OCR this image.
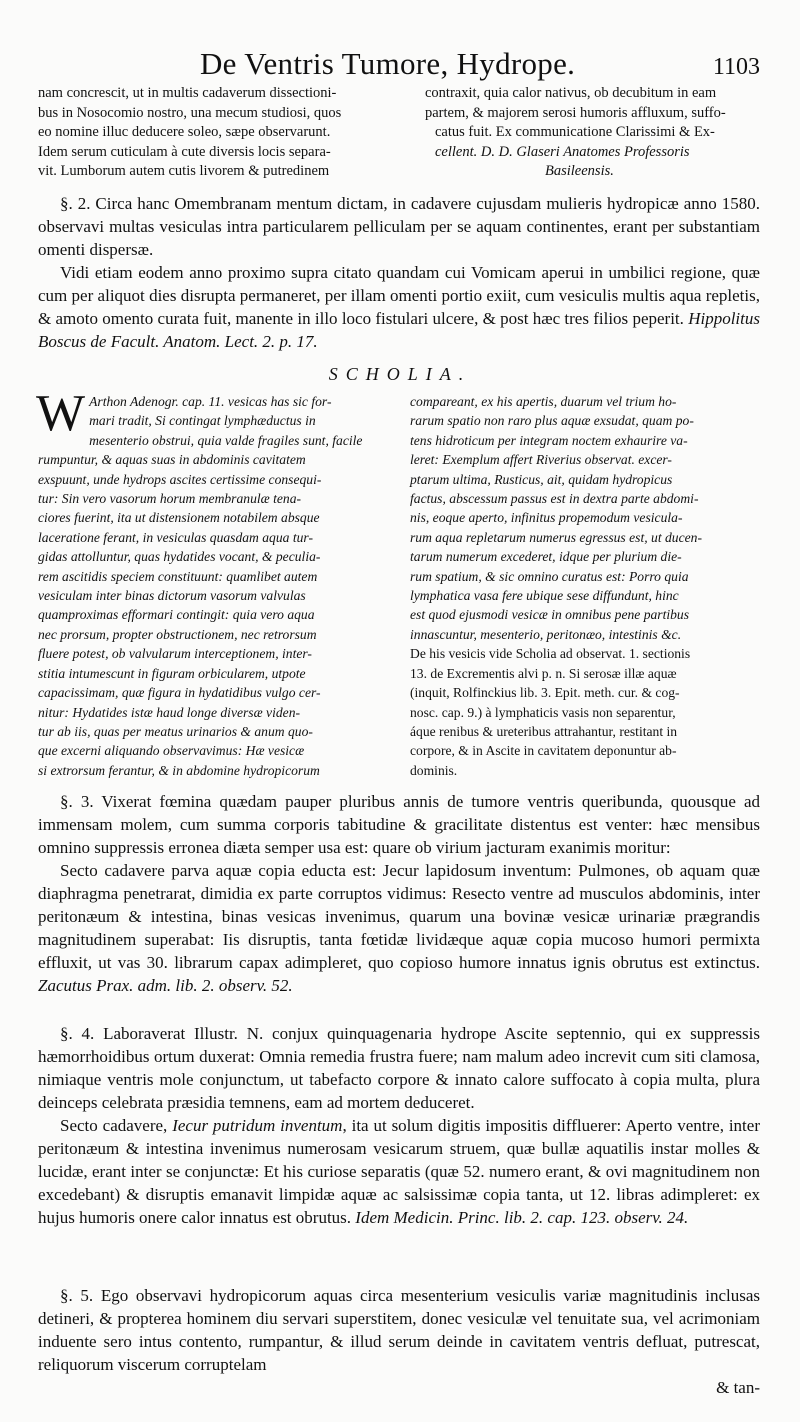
De Ventris Tumore, Hydrope.	1103
nam concrescit, ut in multis cadaverum dissectioni-
bus in Nosocomio nostro, una mecum studiosi, quos
eo nomine illuc deducere soleo, sæpe observarunt.
Idem serum cuticulam à cute diversis locis separa-
vit. Lumborum autem cutis livorem & putredinem
contraxit, quia calor nativus, ob decubitum in eam
partem, & majorem serosi humoris affluxum, suffo-
catus fuit. Ex communicatione Clarissimi & Ex-
cellent. D. D. Glaseri Anatomes Professoris
Basileensis.

§. 2. Circa hanc Omembranam mentum dictam, in cadavere cujusdam mulieris hydropicæ anno 1580. observavi multas vesiculas intra particularem pelliculam per se aquam continentes, erant per substantiam omenti dispersæ.

Vidi etiam eodem anno proximo supra citato quandam cui Vomicam aperui in umbilici regione, quæ cum per aliquot dies disrupta permaneret, per illam omenti portio exiit, cum vesiculis multis aqua repletis, & amoto omento curata fuit, manente in illo loco fistulari ulcere, & post hæc tres filios peperit. Hippolitus Boscus de Facult. Anatom. Lect. 2. p. 17.

SCHOLIA.
W Arthon Adenogr. cap. 11. vesicas has sic for-
mari tradit, Si contingat lymphæductus in
mesenterio obstrui, quia valde fragiles sunt, facile
rumpuntur, & aquas suas in abdominis cavitatem
exspuunt, unde hydrops ascites certissime consequi-
tur: Sin vero vasorum horum membranulæ tena-
ciores fuerint, ita ut distensionem notabilem absque
laceratione ferant, in vesiculas quasdam aqua tur-
gidas attolluntur, quas hydatides vocant, & peculia-
rem ascitidis speciem constituunt: quamlibet autem
vesiculam inter binas dictorum vasorum valvulas
quamproximas efformari contingit: quia vero aqua
nec prorsum, propter obstructionem, nec retrorsum
fluere potest, ob valvularum interceptionem, inter-
stitia intumescunt in figuram orbicularem, utpote
capacissimam, quæ figura in hydatidibus vulgo cer-
nitur: Hydatides istæ haud longe diversæ viden-
tur ab iis, quas per meatus urinarios & anum quo-
que excerni aliquando observavimus: Hæ vesicæ
si extrorsum ferantur, & in abdomine hydropicorum
compareant, ex his apertis, duarum vel trium ho-
rarum spatio non raro plus aquæ exsudat, quam po-
tens hidroticum per integram noctem exhaurire va-
leret: Exemplum affert Riverius observat. excer-
ptarum ultima, Rusticus, ait, quidam hydropicus
factus, abscessum passus est in dextra parte abdomi-
nis, eoque aperto, infinitus propemodum vesicula-
rum aqua repletarum numerus egressus est, ut ducen-
tarum numerum excederet, idque per plurium die-
rum spatium, & sic omnino curatus est: Porro quia
lymphatica vasa fere ubique sese diffundunt, hinc
est quod ejusmodi vesicæ in omnibus pene partibus
innascuntur, mesenterio, peritonæo, intestinis &c.
De his vesicis vide Scholia ad observat. 1. sectionis
13. de Excrementis alvi p. n. Si serosæ illæ aquæ
(inquit, Rolfinckius lib. 3. Epit. meth. cur. & cog-
nosc. cap. 9.) à lymphaticis vasis non separentur,
áque renibus & ureteribus attrahantur, restitant in
corpore, & in Ascite in cavitatem deponuntur ab-
dominis.

§. 3. Vixerat fœmina quædam pauper pluribus annis de tumore ventris queribunda, quousque ad immensam molem, cum summa corporis tabitudine & gracilitate distentus est venter: hæc mensibus omnino suppressis erronea diæta semper usa est: quare ob virium jacturam exanimis moritur:

Secto cadavere parva aquæ copia educta est: Jecur lapidosum inventum: Pulmones, ob aquam quæ diaphragma penetrarat, dimidia ex parte corruptos vidimus: Resecto ventre ad musculos abdominis, inter peritonæum & intestina, binas vesicas invenimus, quarum una bovinæ vesicæ urinariæ prægrandis magnitudinem superabat: Iis disruptis, tanta fœtidæ lividæque aquæ copia mucoso humori permixta effluxit, ut vas 30. librarum capax adimpleret, quo copioso humore innatus ignis obrutus est extinctus. Zacutus Prax. adm. lib. 2. observ. 52.

§. 4. Laboraverat Illustr. N. conjux quinquagenaria hydrope Ascite septennio, qui ex suppressis hæmorrhoidibus ortum duxerat: Omnia remedia frustra fuere; nam malum adeo increvit cum siti clamosa, nimiaque ventris mole conjunctum, ut tabefacto corpore & innato calore suffocato à copia multa, plura deinceps celebrata præsidia temnens, eam ad mortem deduceret.

Secto cadavere, Iecur putridum inventum, ita ut solum digitis impositis diffluerer: Aperto ventre, inter peritonæum & intestina invenimus numerosam vesicarum struem, quæ bullæ aquatilis instar molles & lucidæ, erant inter se conjunctæ: Et his curiose separatis (quæ 52. numero erant, & ovi magnitudinem non excedebant) & disruptis emanavit limpidæ aquæ ac salsissimæ copia tanta, ut 12. libras adimpleret: ex hujus humoris onere calor innatus est obrutus. Idem Medicin. Princ. lib. 2. cap. 123. observ. 24.

§. 5. Ego observavi hydropicorum aquas circa mesenterium vesiculis variæ magnitudinis inclusas detineri, & propterea hominem diu servari superstitem, donec vesiculæ vel tenuitate sua, vel acrimoniam induente sero intus contento, rumpantur, & illud serum deinde in cavitatem ventris defluat, putrescat, reliquorum viscerum corruptelam

& tan-
